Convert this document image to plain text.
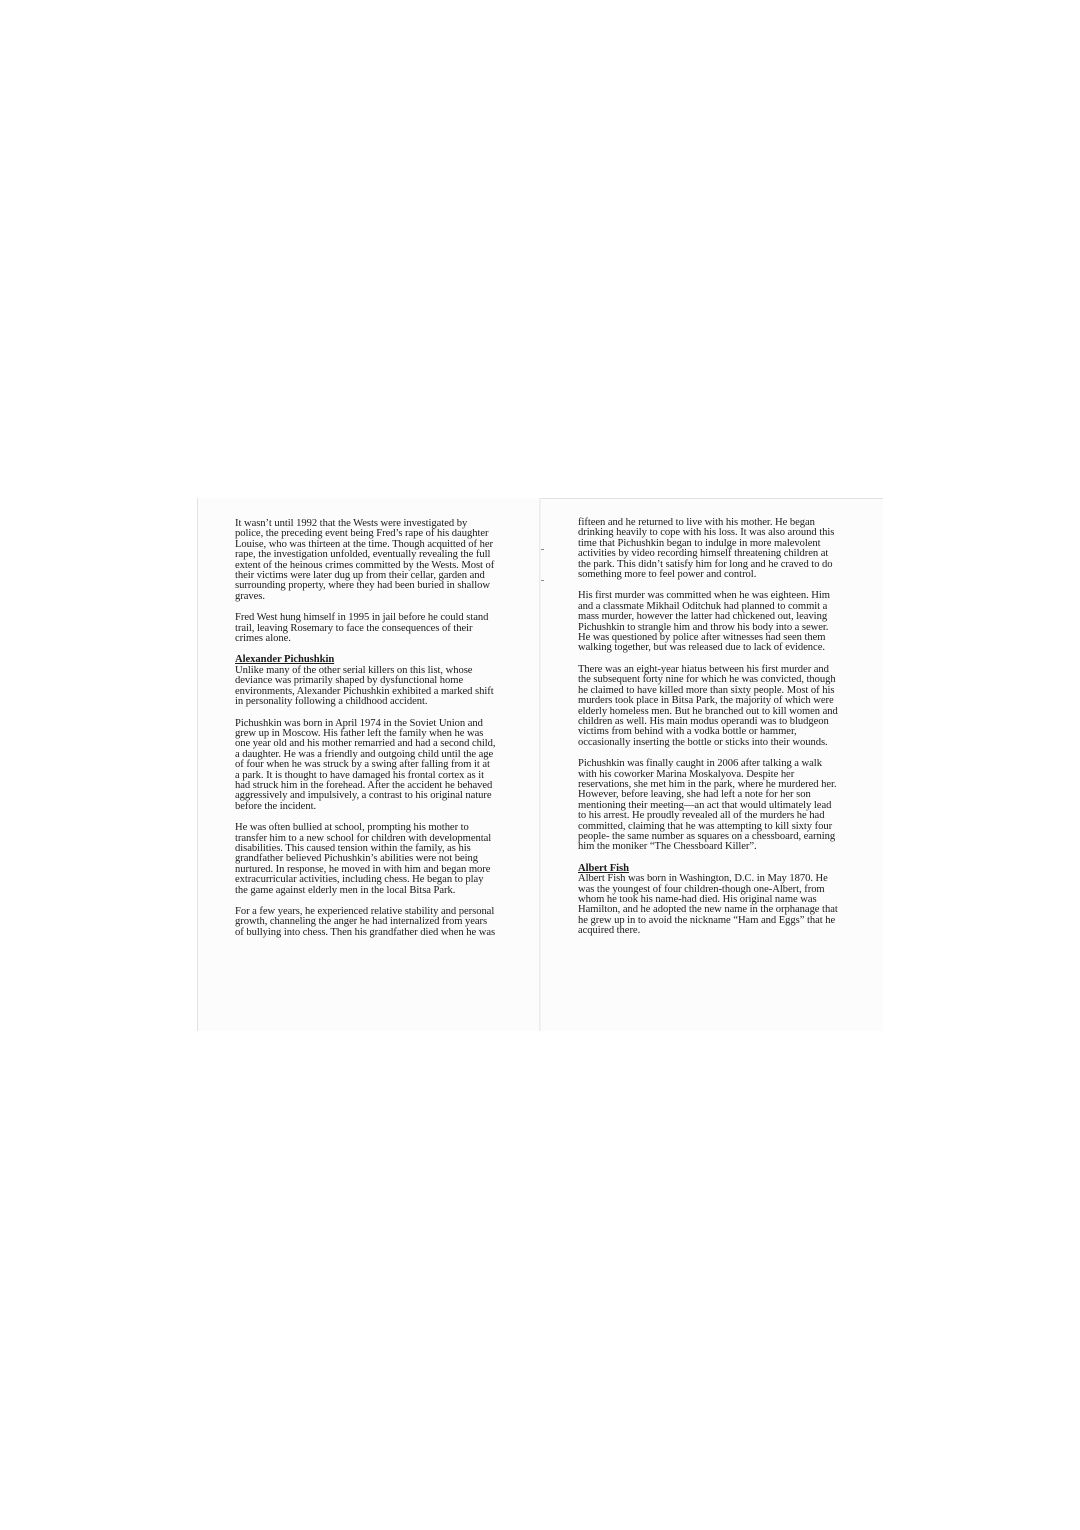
It wasn’t until 1992 that the Wests were investigated by
police, the preceding event being Fred’s rape of his daughter
Louise, who was thirteen at the time. Though acquitted of her
rape, the investigation unfolded, eventually revealing the full
extent of the heinous crimes committed by the Wests. Most of
their victims were later dug up from their cellar, garden and
surrounding property, where they had been buried in shallow
graves.

Fred West hung himself in 1995 in jail before he could stand
trail, leaving Rosemary to face the consequences of their
crimes alone.

Alexander Pichushkin

Unlike many of the other serial killers on this list, whose
deviance was primarily shaped by dysfunctional home
environments, Alexander Pichushkin exhibited a marked shift
in personality following a childhood accident.

Pichushkin was born in April 1974 in the Soviet Union and
grew up in Moscow. His father left the family when he was
one year old and his mother remarried and had a second child,
a daughter. He was a friendly and outgoing child until the age
of four when he was struck by a swing after falling from it at
a park. It is thought to have damaged his frontal cortex as it
had struck him in the forehead. After the accident he behaved
aggressively and impulsively, a contrast to his original nature
before the incident.

He was often bullied at school, prompting his mother to
transfer him to a new school for children with developmental
disabilities. This caused tension within the family, as his
grandfather believed Pichushkin’s abilities were not being
nurtured. In response, he moved in with him and began more
extracurricular activities, including chess. He began to play
the game against elderly men in the local Bitsa Park.

For a few years, he experienced relative stability and personal
growth, channeling the anger he had internalized from years
of bullying into chess. Then his grandfather died when he was

fifteen and he returned to live with his mother. He began
drinking heavily to cope with his loss. It was also around this
time that Pichushkin began to indulge in more malevolent
activities by video recording himself threatening children at
the park. This didn’t satisfy him for long and he craved to do
something more to feel power and control.

His first murder was committed when he was eighteen. Him
and a classmate Mikhail Oditchuk had planned to commit a
mass murder, however the latter had chickened out, leaving
Pichushkin to strangle him and throw his body into a sewer.
He was questioned by police after witnesses had seen them
walking together, but was released due to lack of evidence.

There was an eight-year hiatus between his first murder and
the subsequent forty nine for which he was convicted, though
he claimed to have killed more than sixty people. Most of his
murders took place in Bitsa Park, the majority of which were
elderly homeless men. But he branched out to kill women and
children as well. His main modus operandi was to bludgeon
victims from behind with a vodka bottle or hammer,
occasionally inserting the bottle or sticks into their wounds.

Pichushkin was finally caught in 2006 after talking a walk
with his coworker Marina Moskalyova. Despite her
reservations, she met him in the park, where he murdered her.
However, before leaving, she had left a note for her son
mentioning their meeting—an act that would ultimately lead
to his arrest. He proudly revealed all of the murders he had
committed, claiming that he was attempting to kill sixty four
people- the same number as squares on a chessboard, earning
him the moniker “The Chessboard Killer”.

Albert Fish

Albert Fish was born in Washington, D.C. in May 1870. He
was the youngest of four children-though one-Albert, from
whom he took his name-had died. His original name was
Hamilton, and he adopted the new name in the orphanage that
he grew up in to avoid the nickname “Ham and Eggs” that he
acquired there.
